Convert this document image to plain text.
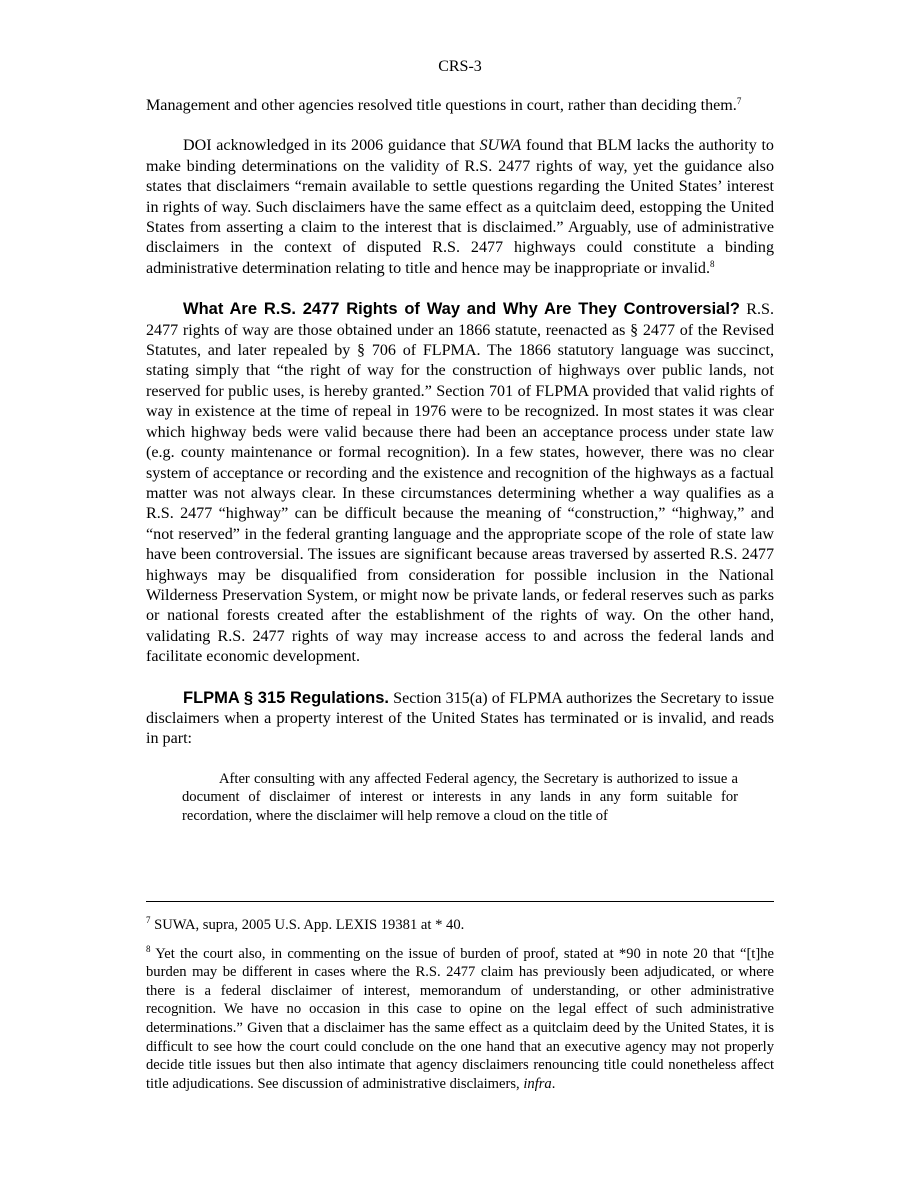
CRS-3

Management and other agencies resolved title questions in court, rather than deciding them.$^7$

DOI acknowledged in its 2006 guidance that SUWA found that BLM lacks the authority to make binding determinations on the validity of R.S. 2477 rights of way, yet the guidance also states that disclaimers “remain available to settle questions regarding the United States’ interest in rights of way. Such disclaimers have the same effect as a quitclaim deed, estopping the United States from asserting a claim to the interest that is disclaimed.” Arguably, use of administrative disclaimers in the context of disputed R.S. 2477 highways could constitute a binding administrative determination relating to title and hence may be inappropriate or invalid.$^8$

What Are R.S. 2477 Rights of Way and Why Are They Controversial? R.S. 2477 rights of way are those obtained under an 1866 statute, reenacted as § 2477 of the Revised Statutes, and later repealed by § 706 of FLPMA. The 1866 statutory language was succinct, stating simply that “the right of way for the construction of highways over public lands, not reserved for public uses, is hereby granted.” Section 701 of FLPMA provided that valid rights of way in existence at the time of repeal in 1976 were to be recognized. In most states it was clear which highway beds were valid because there had been an acceptance process under state law (e.g. county maintenance or formal recognition). In a few states, however, there was no clear system of acceptance or recording and the existence and recognition of the highways as a factual matter was not always clear. In these circumstances determining whether a way qualifies as a R.S. 2477 “highway” can be difficult because the meaning of “construction,” “highway,” and “not reserved” in the federal granting language and the appropriate scope of the role of state law have been controversial. The issues are significant because areas traversed by asserted R.S. 2477 highways may be disqualified from consideration for possible inclusion in the National Wilderness Preservation System, or might now be private lands, or federal reserves such as parks or national forests created after the establishment of the rights of way. On the other hand, validating R.S. 2477 rights of way may increase access to and across the federal lands and facilitate economic development.

FLPMA § 315 Regulations. Section 315(a) of FLPMA authorizes the Secretary to issue disclaimers when a property interest of the United States has terminated or is invalid, and reads in part:

After consulting with any affected Federal agency, the Secretary is authorized to issue a document of disclaimer of interest or interests in any lands in any form suitable for recordation, where the disclaimer will help remove a cloud on the title of

$^7$ SUWA, supra, 2005 U.S. App. LEXIS 19381 at * 40.

$^8$ Yet the court also, in commenting on the issue of burden of proof, stated at *90 in note 20 that “[t]he burden may be different in cases where the R.S. 2477 claim has previously been adjudicated, or where there is a federal disclaimer of interest, memorandum of understanding, or other administrative recognition. We have no occasion in this case to opine on the legal effect of such administrative determinations.” Given that a disclaimer has the same effect as a quitclaim deed by the United States, it is difficult to see how the court could conclude on the one hand that an executive agency may not properly decide title issues but then also intimate that agency disclaimers renouncing title could nonetheless affect title adjudications. See discussion of administrative disclaimers, infra.
